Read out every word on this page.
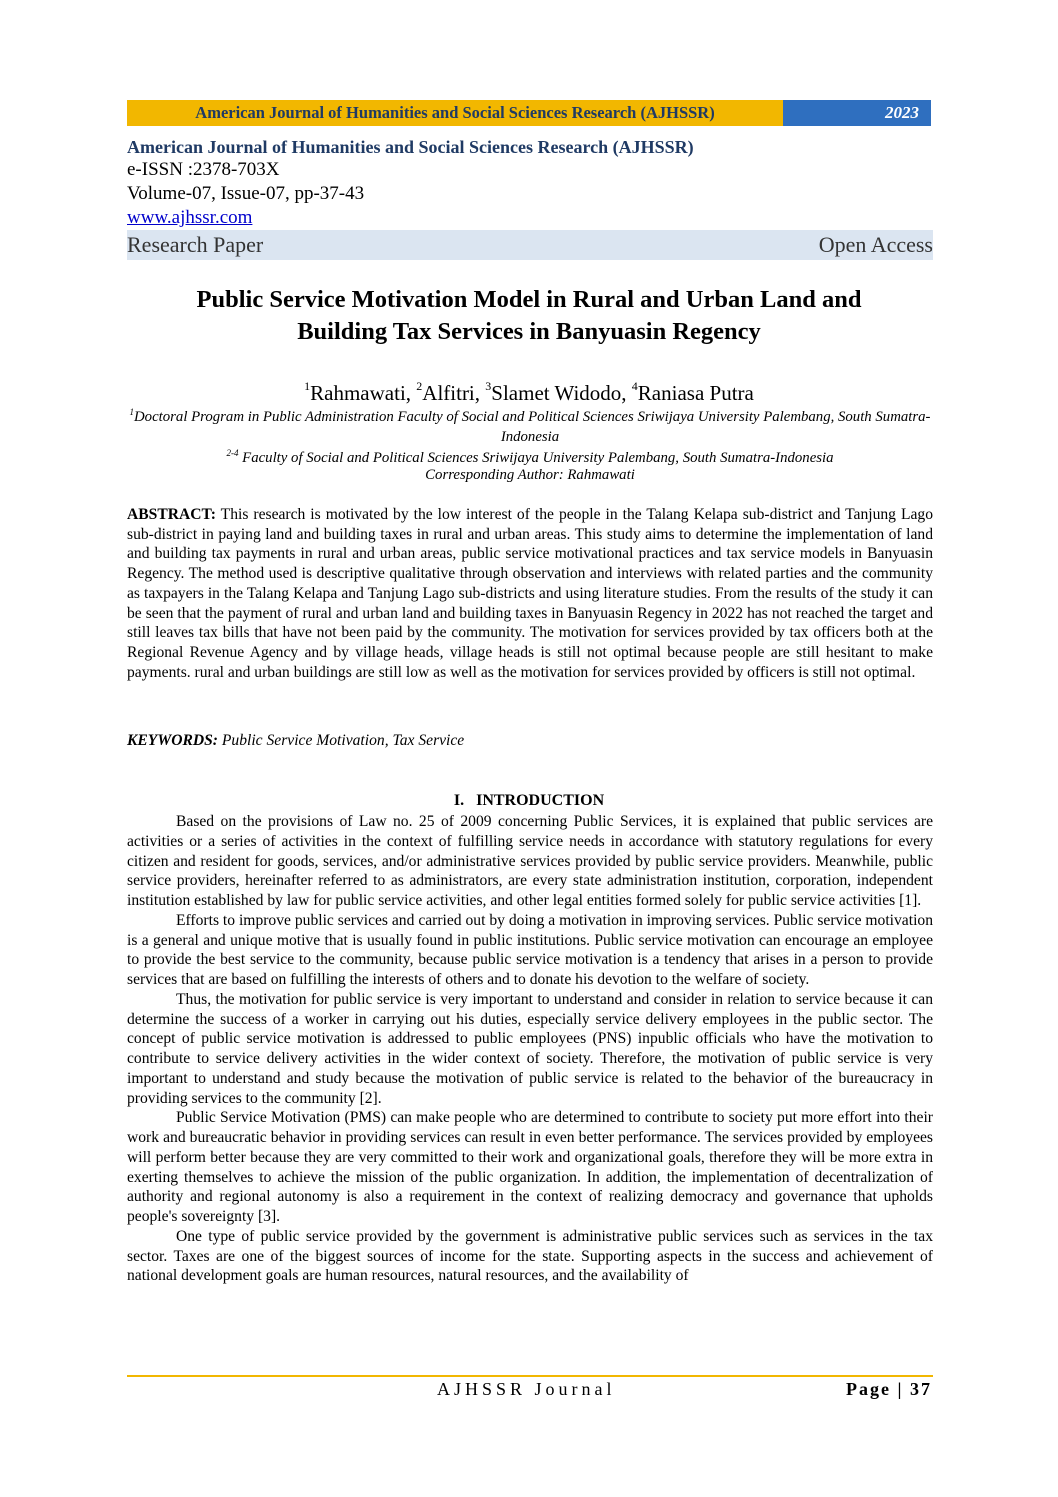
American Journal of Humanities and Social Sciences Research (AJHSSR)	2023
American Journal of Humanities and Social Sciences Research (AJHSSR)
e-ISSN :2378-703X
Volume-07, Issue-07, pp-37-43
www.ajhssr.com
Research Paper	Open Access
Public Service Motivation Model in Rural and Urban Land and
Building Tax Services in Banyuasin Regency
$^1$Rahmawati, $^2$Alfitri, $^3$Slamet Widodo, $^4$Raniasa Putra
$^1$Doctoral Program in Public Administration Faculty of Social and Political Sciences Sriwijaya University Palembang, South Sumatra-Indonesia
$^{2-4}$ Faculty of Social and Political Sciences Sriwijaya University Palembang, South Sumatra-Indonesia
Corresponding Author: Rahmawati
ABSTRACT: This research is motivated by the low interest of the people in the Talang Kelapa sub-district and Tanjung Lago sub-district in paying land and building taxes in rural and urban areas. This study aims to determine the implementation of land and building tax payments in rural and urban areas, public service motivational practices and tax service models in Banyuasin Regency. The method used is descriptive qualitative through observation and interviews with related parties and the community as taxpayers in the Talang Kelapa and Tanjung Lago sub-districts and using literature studies. From the results of the study it can be seen that the payment of rural and urban land and building taxes in Banyuasin Regency in 2022 has not reached the target and still leaves tax bills that have not been paid by the community. The motivation for services provided by tax officers both at the Regional Revenue Agency and by village heads, village heads is still not optimal because people are still hesitant to make payments. rural and urban buildings are still low as well as the motivation for services provided by officers is still not optimal.
KEYWORDS: Public Service Motivation, Tax Service
I.   INTRODUCTION

Based on the provisions of Law no. 25 of 2009 concerning Public Services, it is explained that public services are activities or a series of activities in the context of fulfilling service needs in accordance with statutory regulations for every citizen and resident for goods, services, and/or administrative services provided by public service providers. Meanwhile, public service providers, hereinafter referred to as administrators, are every state administration institution, corporation, independent institution established by law for public service activities, and other legal entities formed solely for public service activities [1].

Efforts to improve public services and carried out by doing a motivation in improving services. Public service motivation is a general and unique motive that is usually found in public institutions. Public service motivation can encourage an employee to provide the best service to the community, because public service motivation is a tendency that arises in a person to provide services that are based on fulfilling the interests of others and to donate his devotion to the welfare of society.

Thus, the motivation for public service is very important to understand and consider in relation to service because it can determine the success of a worker in carrying out his duties, especially service delivery employees in the public sector. The concept of public service motivation is addressed to public employees (PNS) inpublic officials who have the motivation to contribute to service delivery activities in the wider context of society. Therefore, the motivation of public service is very important to understand and study because the motivation of public service is related to the behavior of the bureaucracy in providing services to the community [2].

Public Service Motivation (PMS) can make people who are determined to contribute to society put more effort into their work and bureaucratic behavior in providing services can result in even better performance. The services provided by employees will perform better because they are very committed to their work and organizational goals, therefore they will be more extra in exerting themselves to achieve the mission of the public organization. In addition, the implementation of decentralization of authority and regional autonomy is also a requirement in the context of realizing democracy and governance that upholds people's sovereignty [3].

One type of public service provided by the government is administrative public services such as services in the tax sector. Taxes are one of the biggest sources of income for the state. Supporting aspects in the success and achievement of national development goals are human resources, natural resources, and the availability of

AJHSSR Journal	Page | 37
